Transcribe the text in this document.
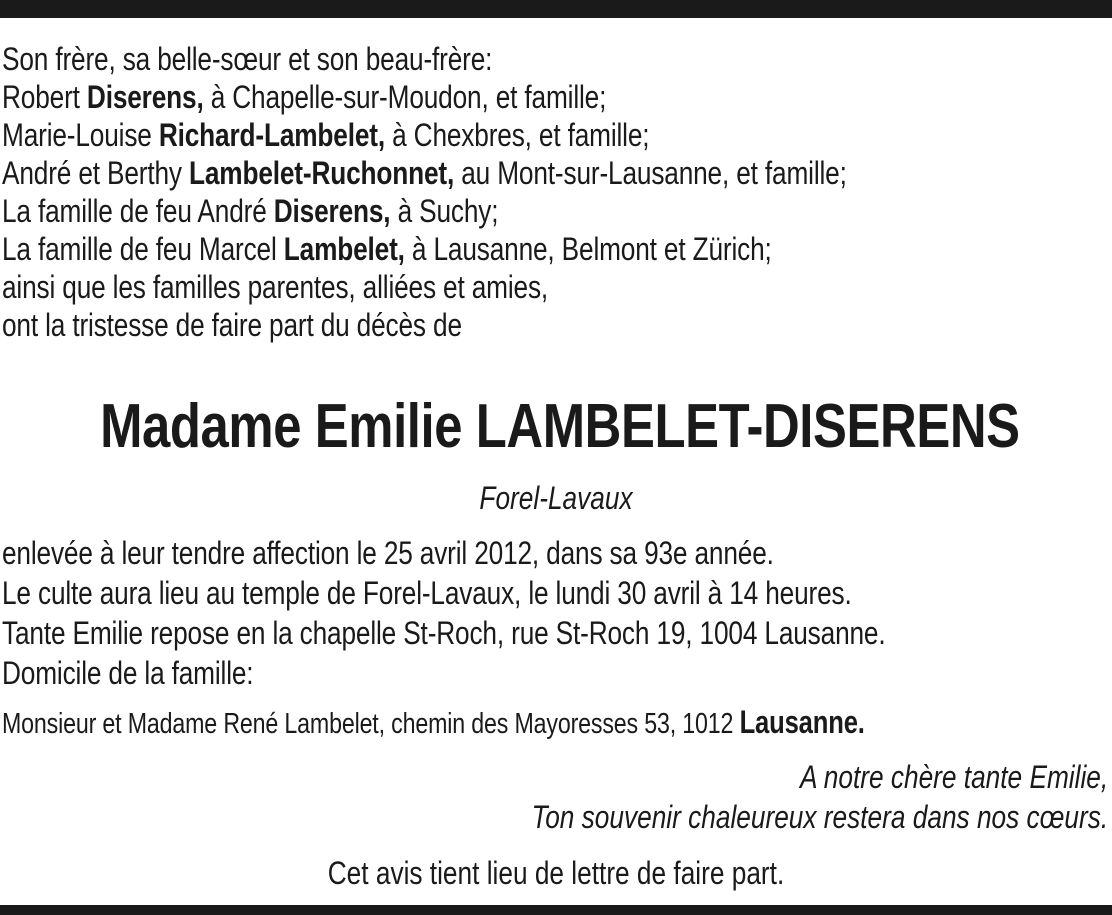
Son frère, sa belle-sœur et son beau-frère:
Robert Diserens, à Chapelle-sur-Moudon, et famille;
Marie-Louise Richard-Lambelet, à Chexbres, et famille;
André et Berthy Lambelet-Ruchonnet, au Mont-sur-Lausanne, et famille;
La famille de feu André Diserens, à Suchy;
La famille de feu Marcel Lambelet, à Lausanne, Belmont et Zürich;
ainsi que les familles parentes, alliées et amies,
ont la tristesse de faire part du décès de
Madame Emilie LAMBELET-DISERENS
Forel-Lavaux
enlevée à leur tendre affection le 25 avril 2012, dans sa 93e année.
Le culte aura lieu au temple de Forel-Lavaux, le lundi 30 avril à 14 heures.
Tante Emilie repose en la chapelle St-Roch, rue St-Roch 19, 1004 Lausanne.
Domicile de la famille:
Monsieur et Madame René Lambelet, chemin des Mayoresses 53, 1012 Lausanne.
A notre chère tante Emilie,
Ton souvenir chaleureux restera dans nos cœurs.
Cet avis tient lieu de lettre de faire part.
